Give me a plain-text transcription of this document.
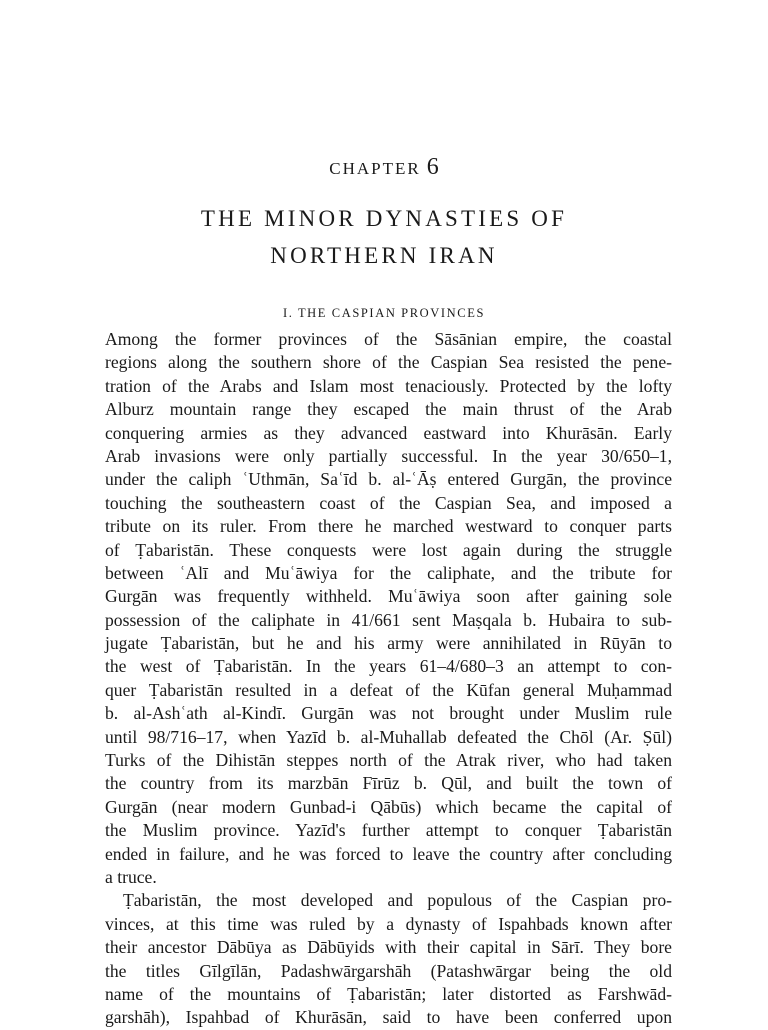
CHAPTER 6
THE MINOR DYNASTIES OF
NORTHERN IRAN
I. THE CASPIAN PROVINCES
Among the former provinces of the Sāsānian empire, the coastal
regions along the southern shore of the Caspian Sea resisted the pene-
tration of the Arabs and Islam most tenaciously. Protected by the lofty
Alburz mountain range they escaped the main thrust of the Arab
conquering armies as they advanced eastward into Khurāsān. Early
Arab invasions were only partially successful. In the year 30/650–1,
under the caliph ʿUthmān, Saʿīd b. al-ʿĀṣ entered Gurgān, the province
touching the southeastern coast of the Caspian Sea, and imposed a
tribute on its ruler. From there he marched westward to conquer parts
of Ṭabaristān. These conquests were lost again during the struggle
between ʿAlī and Muʿāwiya for the caliphate, and the tribute for
Gurgān was frequently withheld. Muʿāwiya soon after gaining sole
possession of the caliphate in 41/661 sent Maṣqala b. Hubaira to sub-
jugate Ṭabaristān, but he and his army were annihilated in Rūyān to
the west of Ṭabaristān. In the years 61–4/680–3 an attempt to con-
quer Ṭabaristān resulted in a defeat of the Kūfan general Muḥammad
b. al-Ashʿath al-Kindī. Gurgān was not brought under Muslim rule
until 98/716–17, when Yazīd b. al-Muhallab defeated the Chōl (Ar. Ṣūl)
Turks of the Dihistān steppes north of the Atrak river, who had taken
the country from its marzbān Fīrūz b. Qūl, and built the town of
Gurgān (near modern Gunbad-i Qābūs) which became the capital of
the Muslim province. Yazīd's further attempt to conquer Ṭabaristān
ended in failure, and he was forced to leave the country after concluding
a truce.
Ṭabaristān, the most developed and populous of the Caspian pro-
vinces, at this time was ruled by a dynasty of Ispahbads known after
their ancestor Dābūya as Dābūyids with their capital in Sārī. They bore
the titles Gīlgīlān, Padashwārgarshāh (Patashwārgar being the old
name of the mountains of Ṭabaristān; later distorted as Farshwād-
garshāh), Ispahbad of Khurāsān, said to have been conferred upon
